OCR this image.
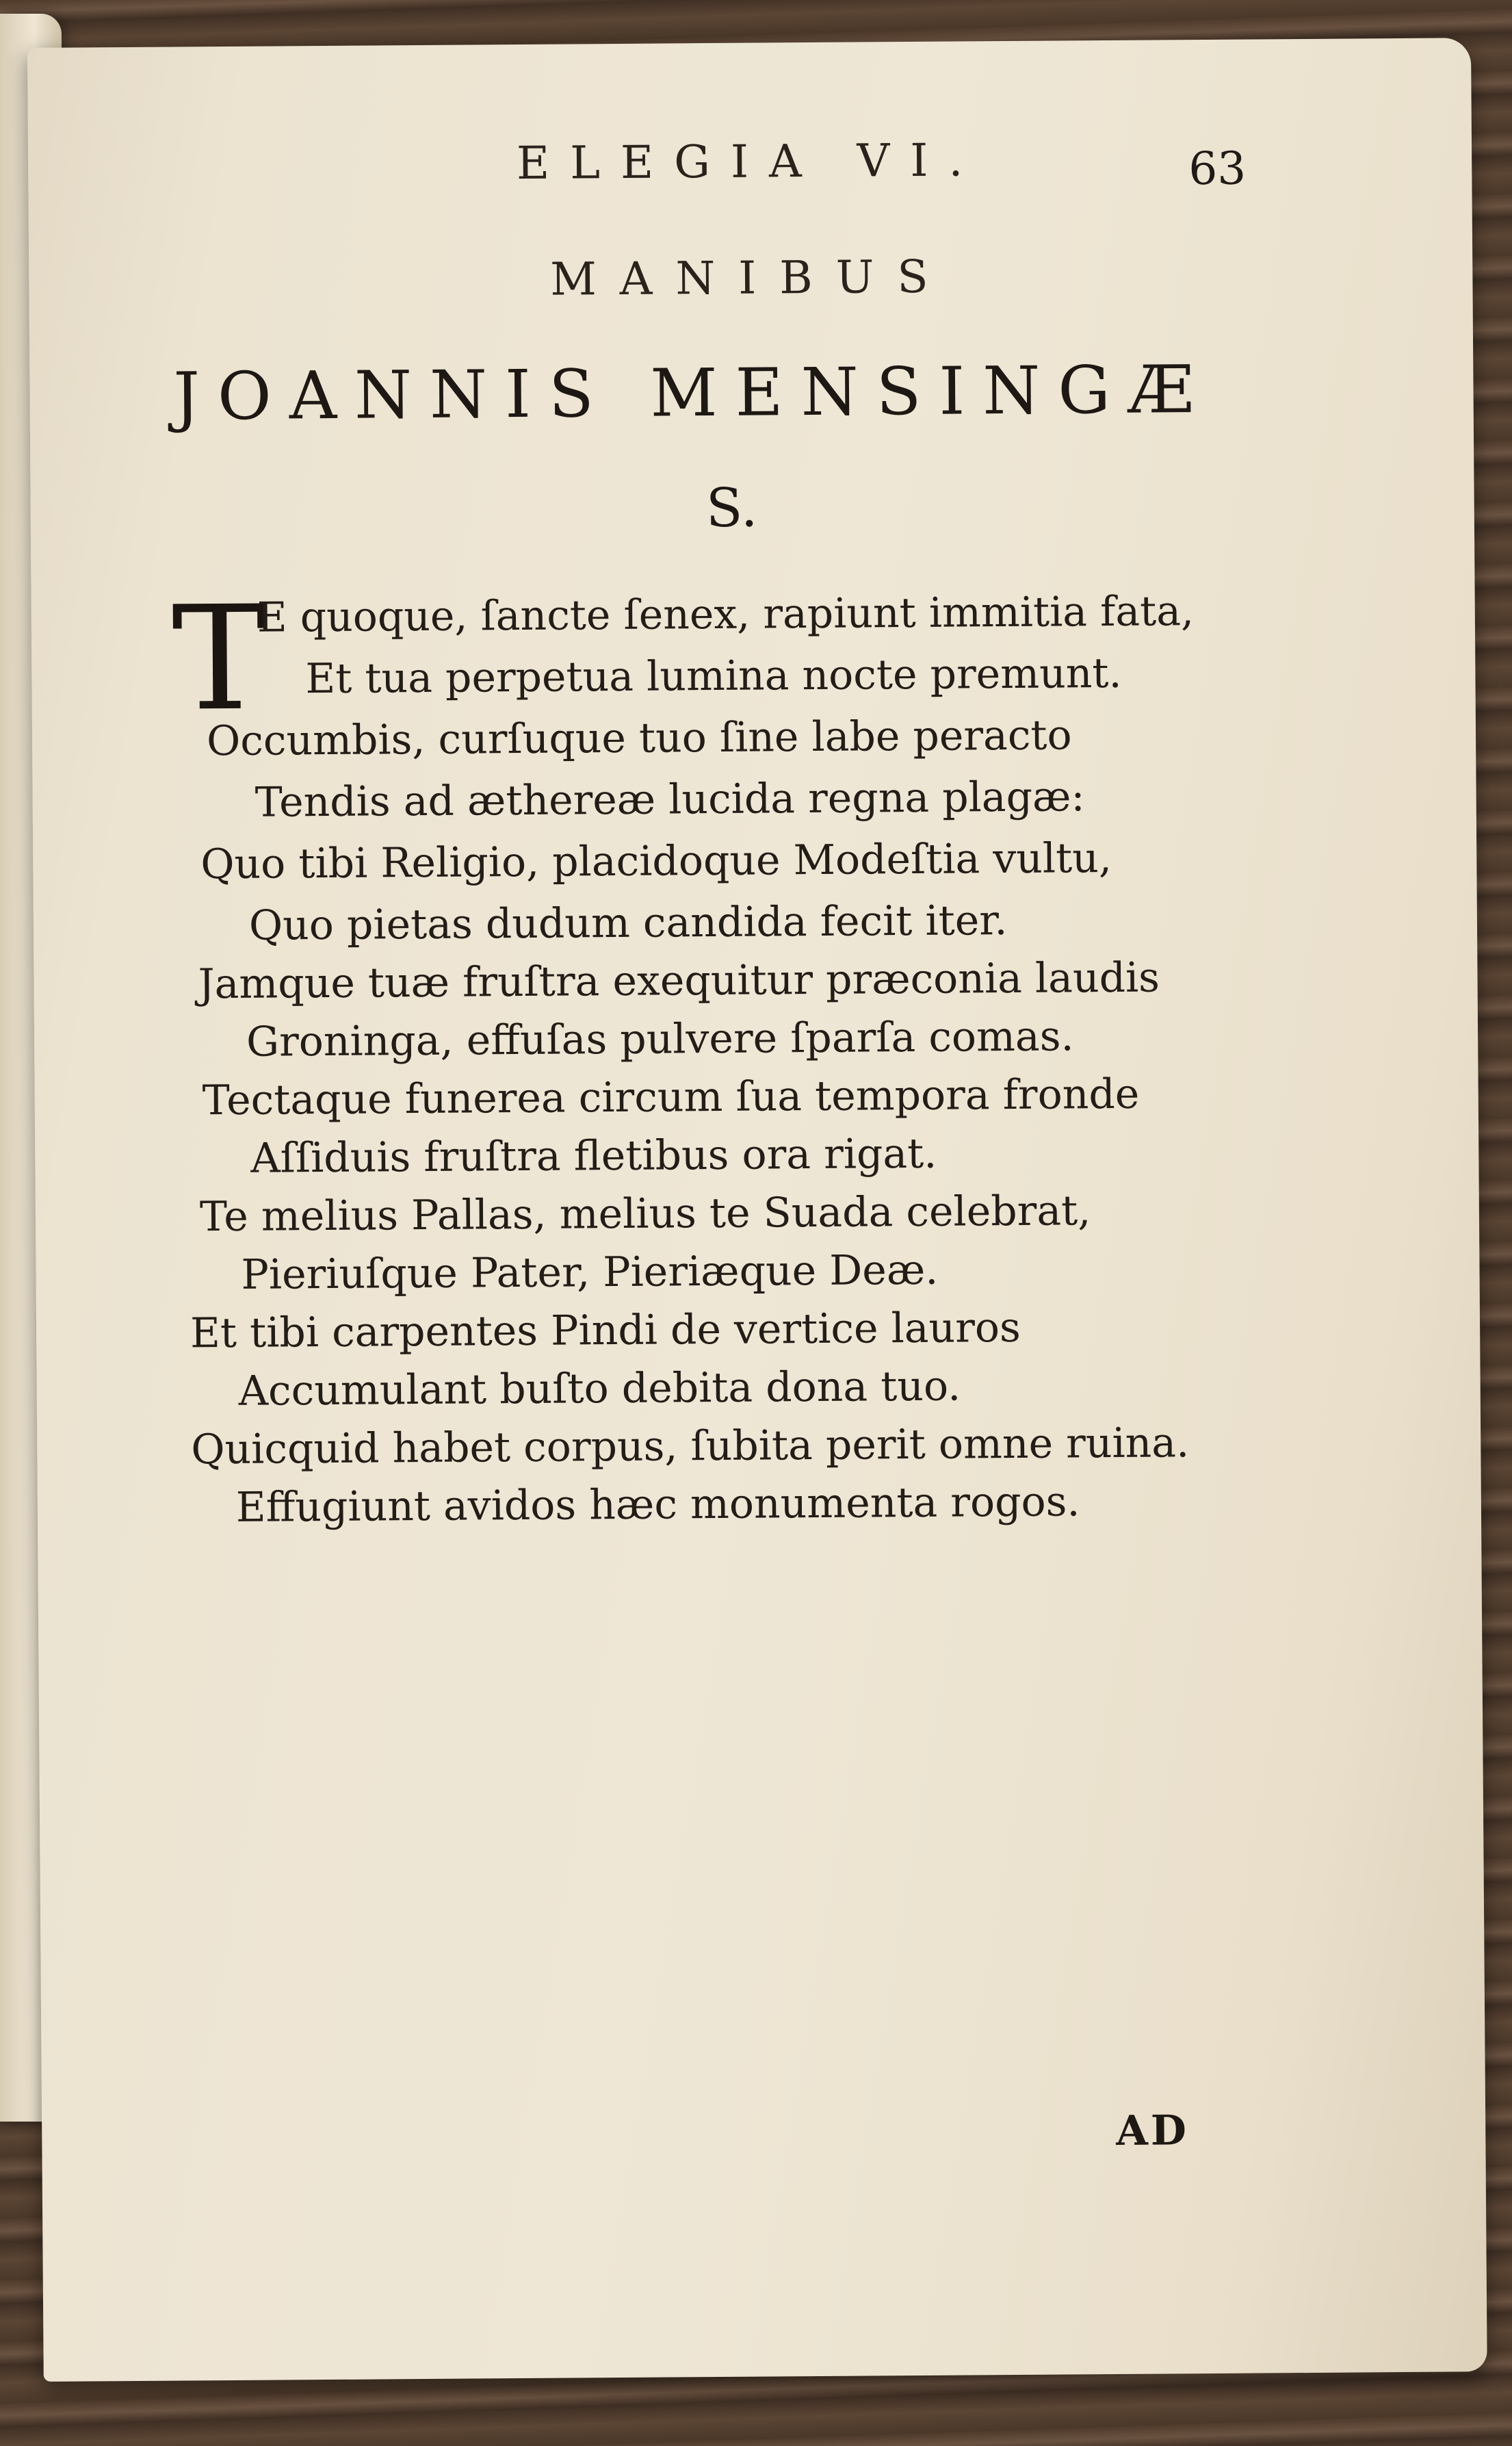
ELEGIA VI.	63
MANIBUS
JOANNIS MENSINGÆ
S.
T
E quoque, ſancte ſenex, rapiunt immitia fata,
Et tua perpetua lumina nocte premunt.
Occumbis, curſuque tuo ſine labe peracto
Tendis ad æthereæ lucida regna plagæ:
Quo tibi Religio, placidoque Modeſtia vultu,
Quo pietas dudum candida fecit iter.
Jamque tuæ fruſtra exequitur præconia laudis
Groninga, effuſas pulvere ſparſa comas.
Tectaque funerea circum ſua tempora fronde
Aſſiduis fruſtra fletibus ora rigat.
Te melius Pallas, melius te Suada celebrat,
Pieriuſque Pater, Pieriæque Deæ.
Et tibi carpentes Pindi de vertice lauros
Accumulant buſto debita dona tuo.
Quicquid habet corpus, ſubita perit omne ruina.
Effugiunt avidos hæc monumenta rogos.
AD
